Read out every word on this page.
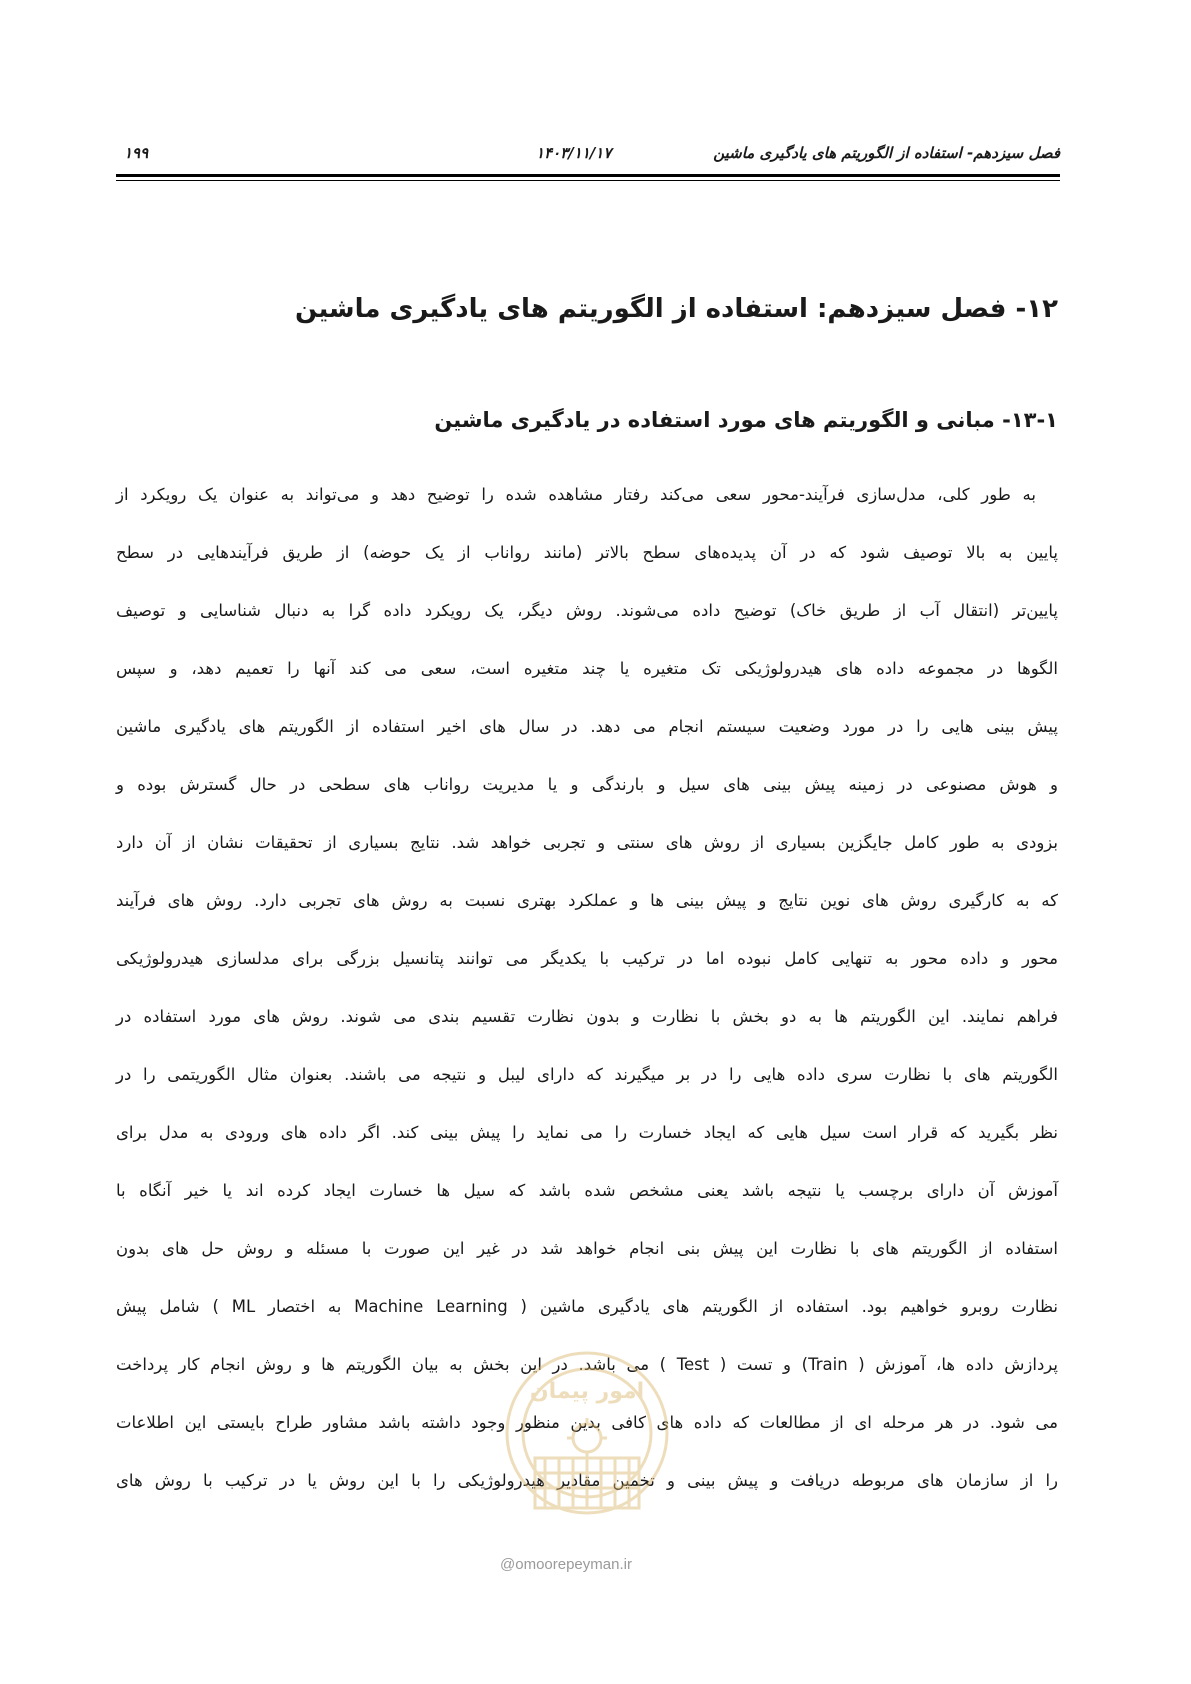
فصل سیزدهم- استفاده از الگوریتم های یادگیری ماشین
۱۴۰۳/۱۱/۱۷
۱۹۹
۱۲- فصل سیزدهم: استفاده از الگوریتم های یادگیری ماشین
۱۳-۱- مبانی و الگوریتم های مورد استفاده در یادگیری ماشین
به طور کلی، مدل‌سازی فرآیند-محور سعی می‌کند رفتار مشاهده شده را توضیح دهد و می‌تواند به عنوان یک رویکرد از
پایین به بالا توصیف شود که در آن پدیده‌های سطح بالاتر (مانند رواناب از یک حوضه) از طریق فرآیندهایی در سطح
پایین‌تر (انتقال آب از طریق خاک) توضیح داده می‌شوند. روش دیگر، یک رویکرد داده گرا به دنبال شناسایی و توصیف
الگوها در مجموعه داده های هیدرولوژیکی تک متغیره یا چند متغیره است، سعی می کند آنها را تعمیم دهد، و سپس
پیش بینی هایی را در مورد وضعیت سیستم انجام می دهد. در سال های اخیر استفاده از الگوریتم های یادگیری ماشین
و هوش مصنوعی در زمینه پیش بینی های سیل و بارندگی و یا مدیریت رواناب های سطحی در حال گسترش بوده و
بزودی به طور کامل جایگزین بسیاری از روش های سنتی و تجربی خواهد شد. نتایج بسیاری از تحقیقات نشان از آن دارد
که به کارگیری روش های نوین نتایج و پیش بینی ها و عملکرد بهتری نسبت به روش های تجربی دارد. روش های فرآیند
محور و داده محور به تنهایی کامل نبوده اما در ترکیب با یکدیگر می توانند پتانسیل بزرگی برای مدلسازی هیدرولوژیکی
فراهم نمایند. این الگوریتم ها به دو بخش با نظارت و بدون نظارت تقسیم بندی می شوند. روش های مورد استفاده در
الگوریتم های با نظارت سری داده هایی را در بر میگیرند که دارای لیبل و نتیجه می باشند. بعنوان مثال الگوریتمی را در
نظر بگیرید که قرار است سیل هایی که ایجاد خسارت را می نماید را پیش بینی کند. اگر داده های ورودی به مدل برای
آموزش آن دارای برچسب یا نتیجه باشد یعنی مشخص شده باشد که سیل ها خسارت ایجاد کرده اند یا خیر آنگاه با
استفاده از الگوریتم های با نظارت این پیش بنی انجام خواهد شد در غیر این صورت با مسئله و روش حل های بدون
نظارت روبرو خواهیم بود. استفاده از الگوریتم های یادگیری ماشین ( Machine Learning به اختصار ML ) شامل پیش
پردازش داده ها، آموزش ( Train) و تست ( Test ) می باشد. در این بخش به بیان الگوریتم ها و روش انجام کار پرداخت
می شود. در هر مرحله ای از مطالعات که داده های کافی بدین منظور وجود داشته باشد مشاور طراح بایستی این اطلاعات
را از سازمان های مربوطه دریافت و پیش بینی و تخمین مقادیر هیدرولوژیکی را با این روش یا در ترکیب با روش های
امور پیمان
@omoorepeyman.ir
